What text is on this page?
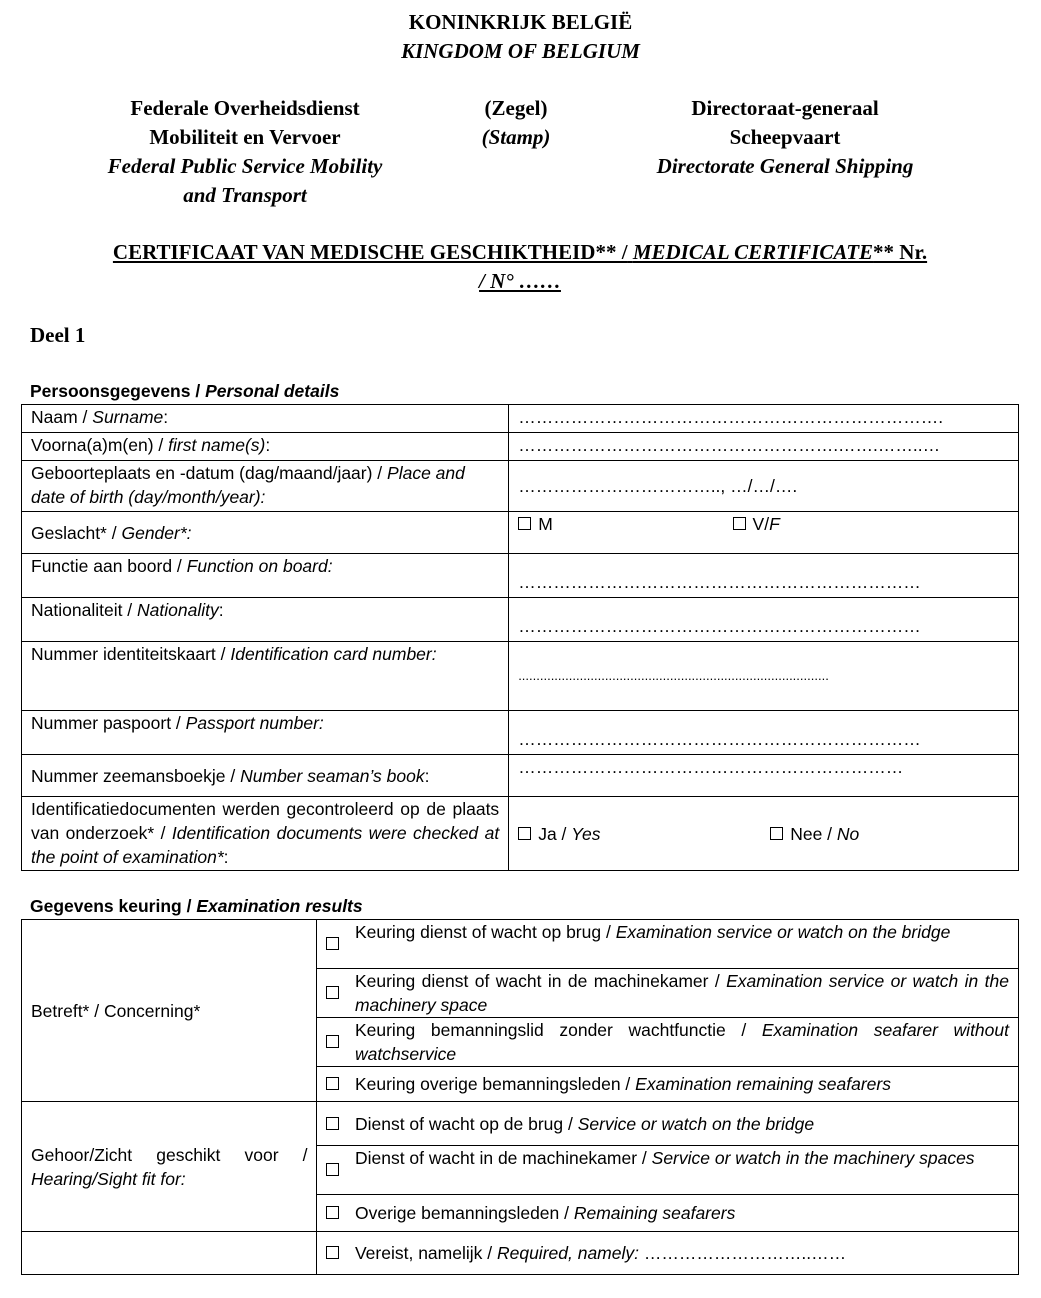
KONINKRIJK BELGIË
KINGDOM OF BELGIUM
Federale Overheidsdienst
Mobiliteit en Vervoer
Federal Public Service Mobility
and Transport
(Zegel)
(Stamp)
Directoraat-generaal
Scheepvaart
Directorate General Shipping
CERTIFICAAT VAN MEDISCHE GESCHIKTHEID** / MEDICAL CERTIFICATE** Nr.
/ N° ……
Deel 1
Persoonsgegevens / Personal details
Naam / Surname:	……………………………………………………………….
Voorna(a)m(en) / first name(s):	……………………………………………….…….……..…
Geboorteplaats en -datum (dag/maand/jaar) / Place and date of birth (day/month/year):	…………………………….., …/…/….
Geslacht* / Gender*:	M V/F
Functie aan boord / Function on board:	……………………………………………………………
Nationaliteit / Nationality:	……………………………………………………………
Nummer identiteitskaart / Identification card number:	......................................................................................
Nummer paspoort / Passport number:	……………………………………………………………
Nummer zeemansboekje / Number seaman’s book:	…………………………………………………………
Identificatiedocumenten werden gecontroleerd op de plaats van onderzoek* / Identification documents were checked at the point of examination*:	Ja / Yes Nee / No
Gegevens keuring / Examination results
Betreft* / Concerning*		Keuring dienst of wacht op brug / Examination service or watch on the bridge
		Keuring dienst of wacht in de machinekamer / Examination service or watch in the machinery space
		Keuring bemanningslid zonder wachtfunctie / Examination seafarer without watchservice
		Keuring overige bemanningsleden / Examination remaining seafarers
Gehoor/Zicht geschikt voor / Hearing/Sight fit for:		Dienst of wacht op de brug / Service or watch on the bridge
		Dienst of wacht in de machinekamer / Service or watch in the machinery spaces
		Overige bemanningsleden / Remaining seafarers
		Vereist, namelijk / Required, namely: ………………………..……
